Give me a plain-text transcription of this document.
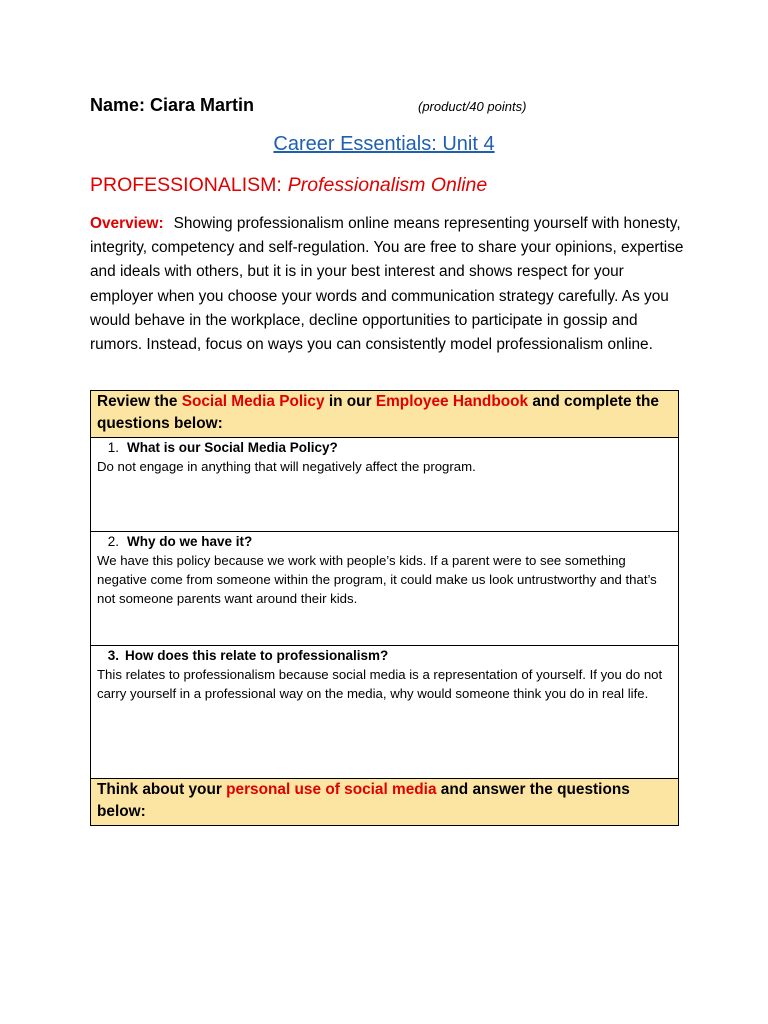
Name: Ciara Martin	(product/40 points)
Career Essentials: Unit 4
PROFESSIONALISM: Professionalism Online
Overview: Showing professionalism online means representing yourself with honesty, integrity, competency and self-regulation. You are free to share your opinions, expertise and ideals with others, but it is in your best interest and shows respect for your employer when you choose your words and communication strategy carefully. As you would behave in the workplace, decline opportunities to participate in gossip and rumors. Instead, focus on ways you can consistently model professionalism online.
Review the Social Media Policy in our Employee Handbook and complete the questions below:

1. What is our Social Media Policy?
Do not engage in anything that will negatively affect the program.

2. Why do we have it?
We have this policy because we work with people’s kids. If a parent were to see something negative come from someone within the program, it could make us look untrustworthy and that’s not someone parents want around their kids.

3. How does this relate to professionalism?
This relates to professionalism because social media is a representation of yourself. If you do not carry yourself in a professional way on the media, why would someone think you do in real life.

Think about your personal use of social media and answer the questions below:
